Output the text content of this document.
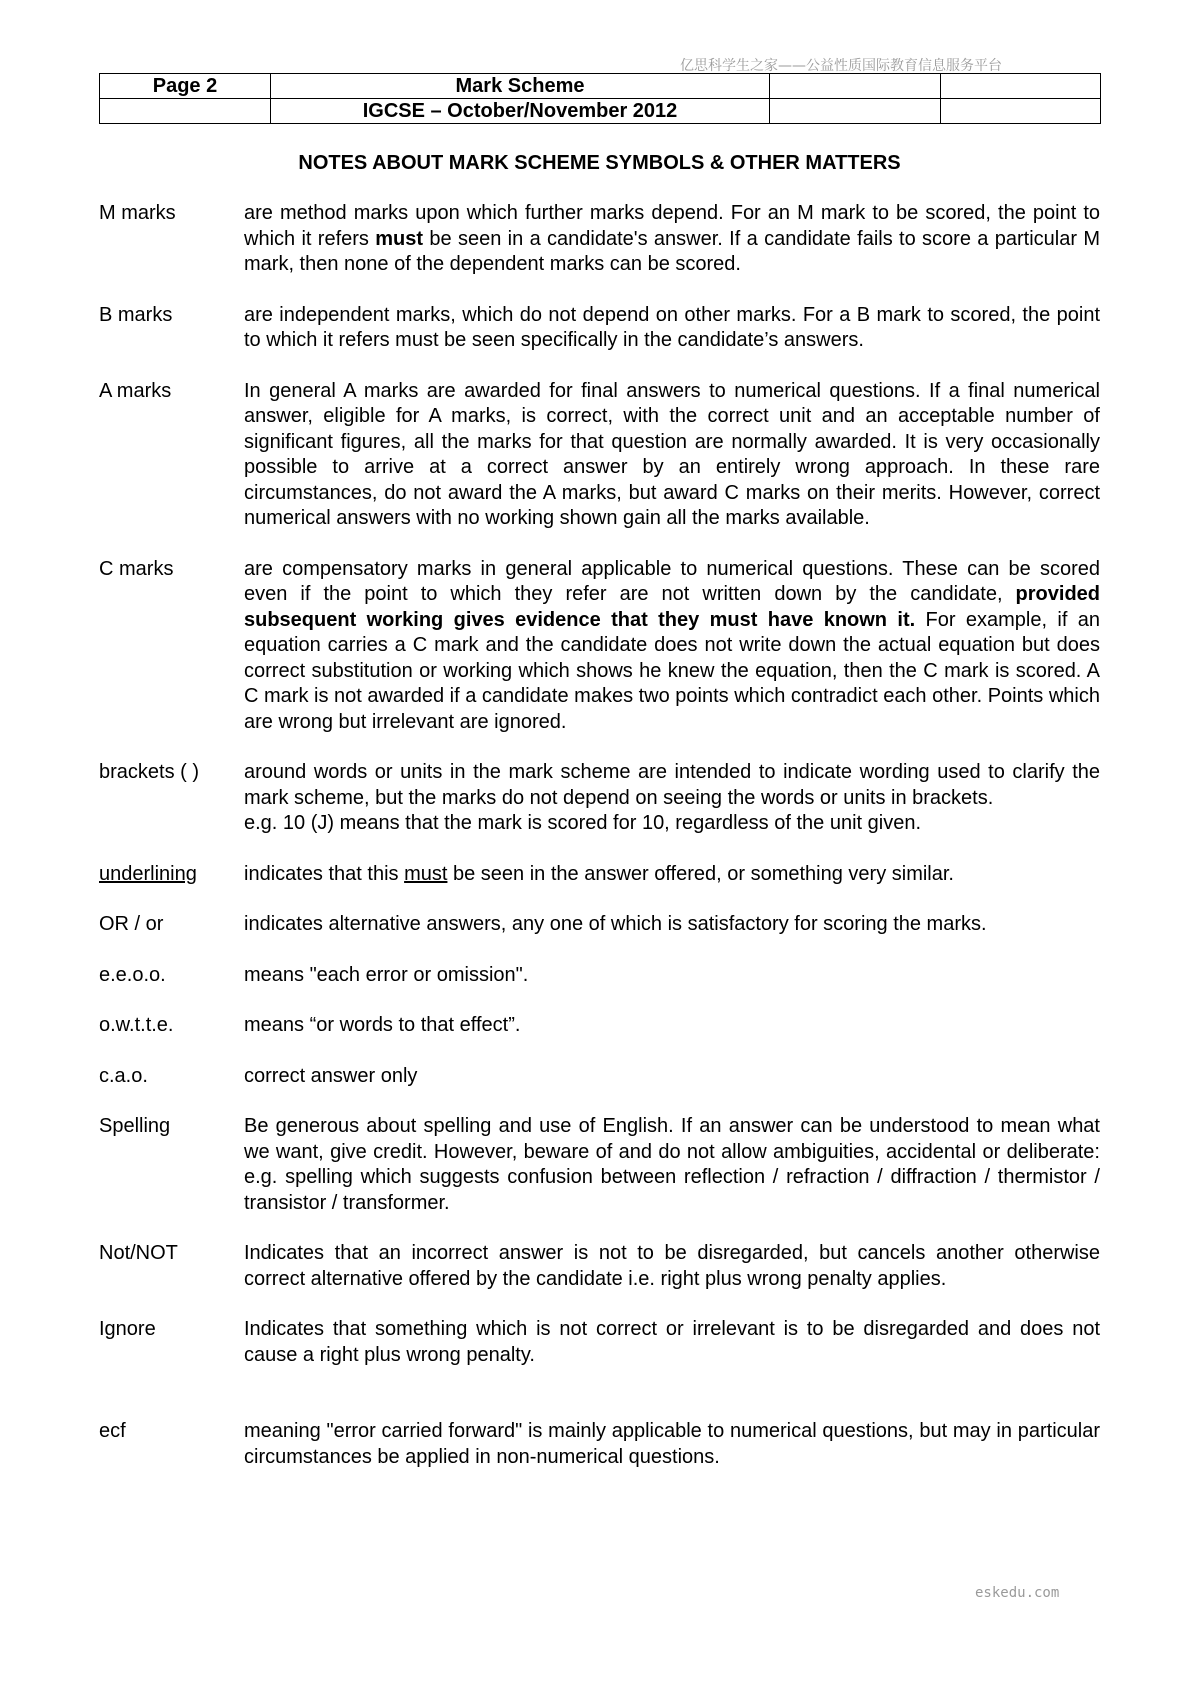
亿思科学生之家——公益性质国际教育信息服务平台
Page 2	Mark Scheme		
	IGCSE – October/November 2012		
NOTES ABOUT MARK SCHEME SYMBOLS & OTHER MATTERS
M marks	are method marks upon which further marks depend. For an M mark to be scored, the point to which it refers must be seen in a candidate's answer. If a candidate fails to score a particular M mark, then none of the dependent marks can be scored.
B marks	are independent marks, which do not depend on other marks. For a B mark to scored, the point to which it refers must be seen specifically in the candidate’s answers.
A marks	In general A marks are awarded for final answers to numerical questions. If a final numerical answer, eligible for A marks, is correct, with the correct unit and an acceptable number of significant figures, all the marks for that question are normally awarded. It is very occasionally possible to arrive at a correct answer by an entirely wrong approach. In these rare circumstances, do not award the A marks, but award C marks on their merits. However, correct numerical answers with no working shown gain all the marks available.
C marks	are compensatory marks in general applicable to numerical questions. These can be scored even if the point to which they refer are not written down by the candidate, provided subsequent working gives evidence that they must have known it. For example, if an equation carries a C mark and the candidate does not write down the actual equation but does correct substitution or working which shows he knew the equation, then the C mark is scored. A C mark is not awarded if a candidate makes two points which contradict each other. Points which are wrong but irrelevant are ignored.
brackets ( )	around words or units in the mark scheme are intended to indicate wording used to clarify the mark scheme, but the marks do not depend on seeing the words or units in brackets.
e.g. 10 (J) means that the mark is scored for 10, regardless of the unit given.
underlining	indicates that this must be seen in the answer offered, or something very similar.
OR / or	indicates alternative answers, any one of which is satisfactory for scoring the marks.
e.e.o.o.	means "each error or omission".
o.w.t.t.e.	means “or words to that effect”.
c.a.o.	correct answer only
Spelling	Be generous about spelling and use of English. If an answer can be understood to mean what we want, give credit. However, beware of and do not allow ambiguities, accidental or deliberate: e.g. spelling which suggests confusion between reflection / refraction / diffraction / thermistor / transistor / transformer.
Not/NOT	Indicates that an incorrect answer is not to be disregarded, but cancels another otherwise correct alternative offered by the candidate i.e. right plus wrong penalty applies.
Ignore	Indicates that something which is not correct or irrelevant is to be disregarded and does not cause a right plus wrong penalty.
ecf	meaning "error carried forward" is mainly applicable to numerical questions, but may in particular circumstances be applied in non-numerical questions.
eskedu.com
